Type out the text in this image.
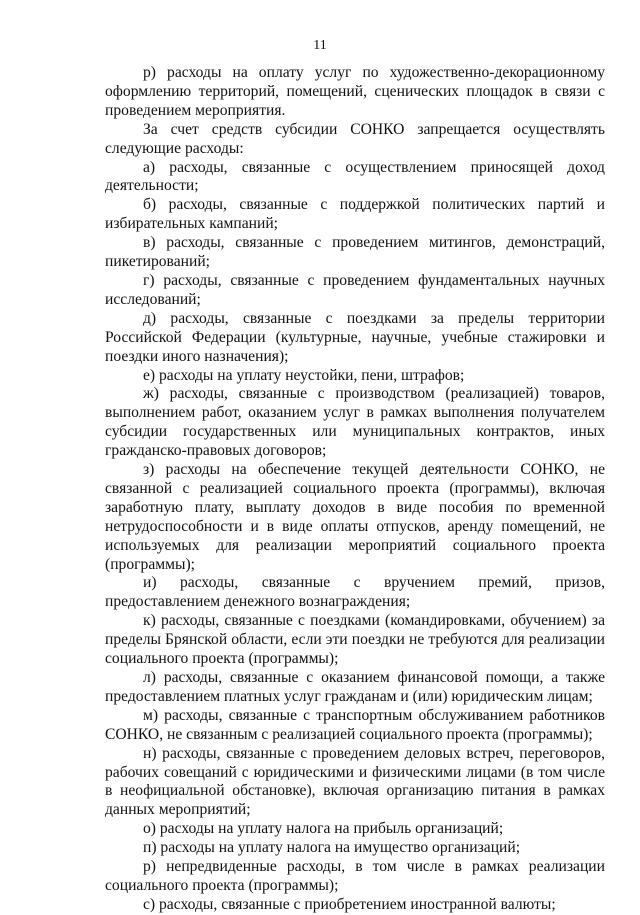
11

р) расходы на оплату услуг по художественно-декорационному оформлению территорий, помещений, сценических площадок в связи с проведением мероприятия.

За счет средств субсидии СОНКО запрещается осуществлять следующие расходы:

а) расходы, связанные с осуществлением приносящей доход деятельности;

б) расходы, связанные с поддержкой политических партий и избирательных кампаний;

в) расходы, связанные с проведением митингов, демонстраций, пикетирований;

г) расходы, связанные с проведением фундаментальных научных исследований;

д) расходы, связанные с поездками за пределы территории Российской Федерации (культурные, научные, учебные стажировки и поездки иного назначения);

е) расходы на уплату неустойки, пени, штрафов;

ж) расходы, связанные с производством (реализацией) товаров, выполнением работ, оказанием услуг в рамках выполнения получателем субсидии государственных или муниципальных контрактов, иных гражданско-правовых договоров;

з) расходы на обеспечение текущей деятельности СОНКО, не связанной с реализацией социального проекта (программы), включая заработную плату, выплату доходов в виде пособия по временной нетрудоспособности и в виде оплаты отпусков, аренду помещений, не используемых для реализации мероприятий социального проекта (программы);

и) расходы, связанные с вручением премий, призов, предоставлением денежного вознаграждения;

к) расходы, связанные с поездками (командировками, обучением) за пределы Брянской области, если эти поездки не требуются для реализации социального проекта (программы);

л) расходы, связанные с оказанием финансовой помощи, а также предоставлением платных услуг гражданам и (или) юридическим лицам;

м) расходы, связанные с транспортным обслуживанием работников СОНКО, не связанным с реализацией социального проекта (программы);

н) расходы, связанные с проведением деловых встреч, переговоров, рабочих совещаний с юридическими и физическими лицами (в том числе в неофициальной обстановке), включая организацию питания в рамках данных мероприятий;

о) расходы на уплату налога на прибыль организаций;

п) расходы на уплату налога на имущество организаций;

р) непредвиденные расходы, в том числе в рамках реализации социального проекта (программы);

с) расходы, связанные с приобретением иностранной валюты;
